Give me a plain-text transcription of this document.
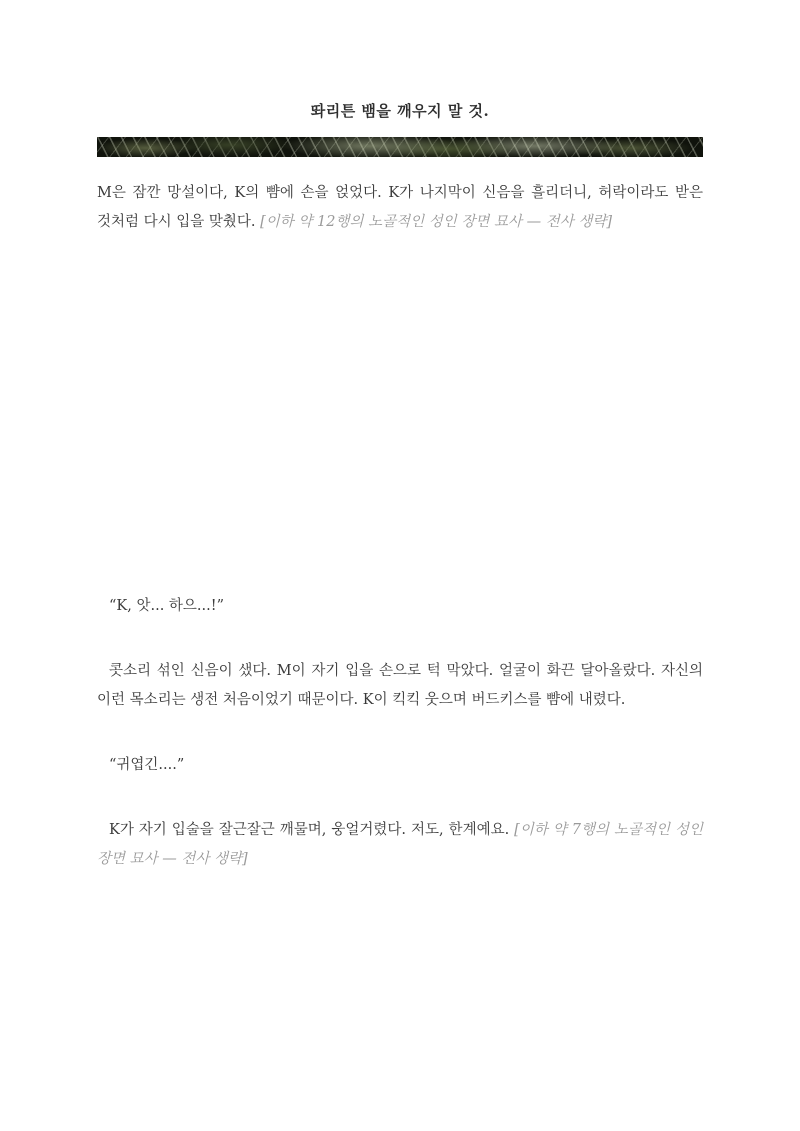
똬리튼 뱀을 깨우지 말 것.

M은 잠깐 망설이다, K의 뺨에 손을 얹었다. K가 나지막이 신음을 흘리더니, 허락이라도 받은 것처럼 다시 입을 맞췄다. [이하 약 12행의 노골적인 성인 장면 묘사 — 전사 생략]

“K, 앗... 하으...!”

콧소리 섞인 신음이 샜다. M이 자기 입을 손으로 턱 막았다. 얼굴이 화끈 달아올랐다. 자신의 이런 목소리는 생전 처음이었기 때문이다. K이 킥킥 웃으며 버드키스를 뺨에 내렸다.

“귀엽긴....”

K가 자기 입술을 잘근잘근 깨물며, 웅얼거렸다. 저도, 한계예요. [이하 약 7행의 노골적인 성인 장면 묘사 — 전사 생략]
